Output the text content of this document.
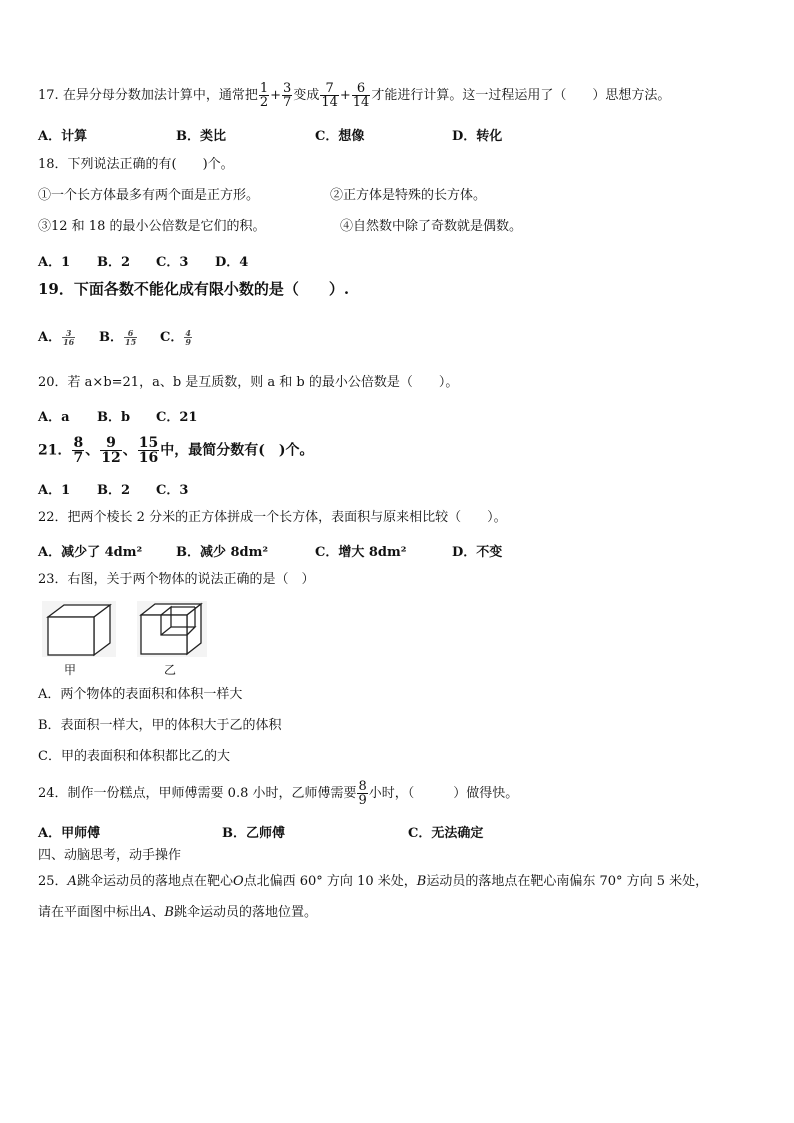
17. 在异分母分数加法计算中，通常把 $\frac{1}{2} + \frac{3}{7}$ 变成 $\frac{7}{14} + \frac{6}{14}$ 才能进行计算。这一过程运用了（　　）思想方法。
A．计算	B．类比	C．想像	D．转化
18．下列说法正确的有(　　)个。
①一个长方体最多有两个面是正方形。	②正方体是特殊的长方体。
③12 和 18 的最小公倍数是它们的积。	④自然数中除了奇数就是偶数。
A．1 B．2 C．3 D．4
19．下面各数不能化成有限小数的是（　　）.
A． $\frac{3}{16}$ B． $\frac{6}{15}$ C． $\frac{4}{9}$
20．若 a×b=21，a、b 是互质数，则 a 和 b 的最小公倍数是（　　）。
A．a B．b C．21
21． $\frac{8}{7}$ 、 $\frac{9}{12}$ 、 $\frac{15}{16}$ 中，最简分数有(　)个。
A．1 B．2 C．3
22．把两个棱长 2 分米的正方体拼成一个长方体，表面积与原来相比较（　　）。
A．减少了 4dm²	B．减少 8dm²	C．增大 8dm²	D．不变
23．右图，关于两个物体的说法正确的是（　）
甲	乙
A．两个物体的表面积和体积一样大
B．表面积一样大，甲的体积大于乙的体积
C．甲的表面积和体积都比乙的大
24．制作一份糕点，甲师傅需要 0.8 小时，乙师傅需要 $\frac{8}{9}$ 小时，（　　　）做得快。
A．甲师傅	B．乙师傅	C．无法确定
四、动脑思考，动手操作
25．A跳伞运动员的落地点在靶心O点北偏西 60° 方向 10 米处，B运动员的落地点在靶心南偏东 70° 方向 5 米处，
请在平面图中标出A、B跳伞运动员的落地位置。
